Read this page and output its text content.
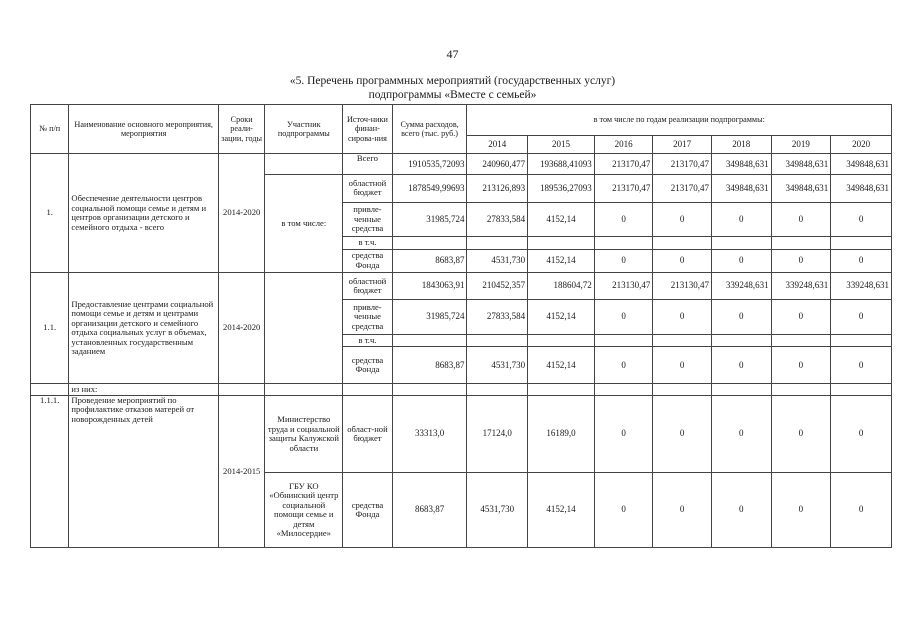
47
«5. Перечень программных мероприятий (государственных услуг)
подпрограммы «Вместе с семьей»
№ п/п	Наименование основного мероприятия, мероприятия	Сроки реали-зации, годы	Участник подпрограммы	Источ-ники финан-сирова-ния	Сумма расходов, всего (тыс. руб.)	в том числе по годам реализации подпрограммы:						
						2014	2015	2016	2017	2018	2019	2020
1.	Обеспечение деятельности центров социальной помощи семье и детям и центров организации детского и семейного отдыха - всего	2014-2020		Всего	1910535,72093	240960,477	193688,41093	213170,47	213170,47	349848,631	349848,631	349848,631
			в том числе:	областной бюджет	1878549,99693	213126,893	189536,27093	213170,47	213170,47	349848,631	349848,631	349848,631
				привле-ченные средства	31985,724	27833,584	4152,14	0	0	0	0	0
				в т.ч.								
				средства Фонда	8683,87	4531,730	4152,14	0	0	0	0	0
1.1.	Предоставление центрами социальной помощи семье и детям и центрами организации детского и семейного отдыха социальных услуг в объемах, установленных государственным заданием	2014-2020		областной бюджет	1843063,91	210452,357	188604,72	213130,47	213130,47	339248,631	339248,631	339248,631
				привле-ченные средства	31985,724	27833,584	4152,14	0	0	0	0	0
				в т.ч.								
				средства Фонда	8683,87	4531,730	4152,14	0	0	0	0	0
	из них:											
1.1.1.	Проведение мероприятий по профилактике отказов матерей от новорожденных детей	2014-2015	Министерство труда и социальной защиты Калужской области	област-ной бюджет	33313,0	17124,0	16189,0	0	0	0	0	0
			ГБУ КО «Обнинский центр социальной помощи семье и детям «Милосердие»	средства Фонда	8683,87	4531,730	4152,14	0	0	0	0	0
